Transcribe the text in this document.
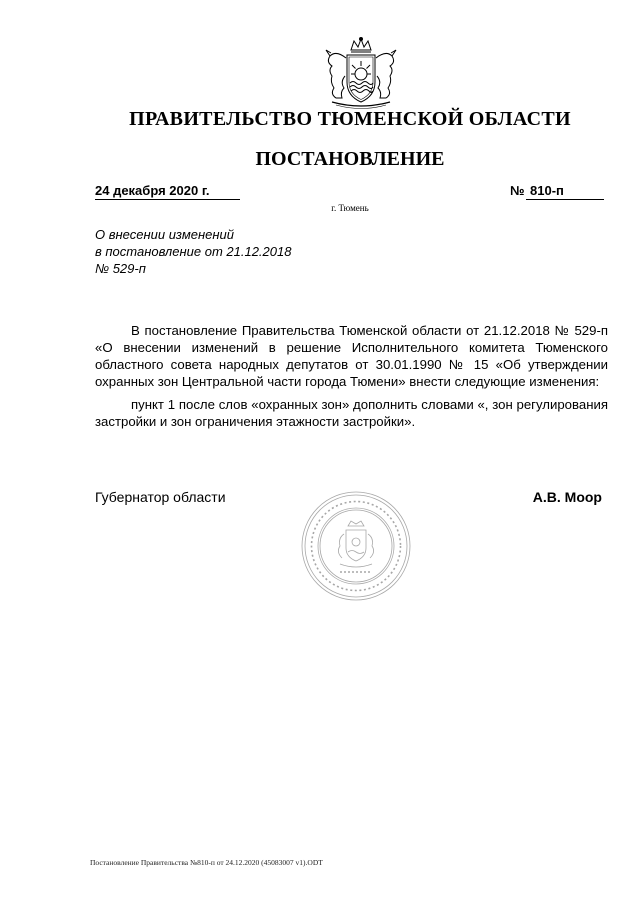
ПРАВИТЕЛЬСТВО ТЮМЕНСКОЙ ОБЛАСТИ
ПОСТАНОВЛЕНИЕ
24 декабря 2020 г.	№ 810-п
г. Тюмень
О внесении изменений
в постановление от 21.12.2018
№ 529-п

В постановление Правительства Тюменской области от 21.12.2018 № 529-п «О внесении изменений в решение Исполнительного комитета Тюменского областного совета народных депутатов от 30.01.1990 № 15 «Об утверждении охранных зон Центральной части города Тюмени» внести следующие изменения:

пункт 1 после слов «охранных зон» дополнить словами «, зон регулирования застройки и зон ограничения этажности застройки».

Губернатор области	А.В. Моор
Постановление Правительства №810-п от 24.12.2020 (45083007 v1).ODT
